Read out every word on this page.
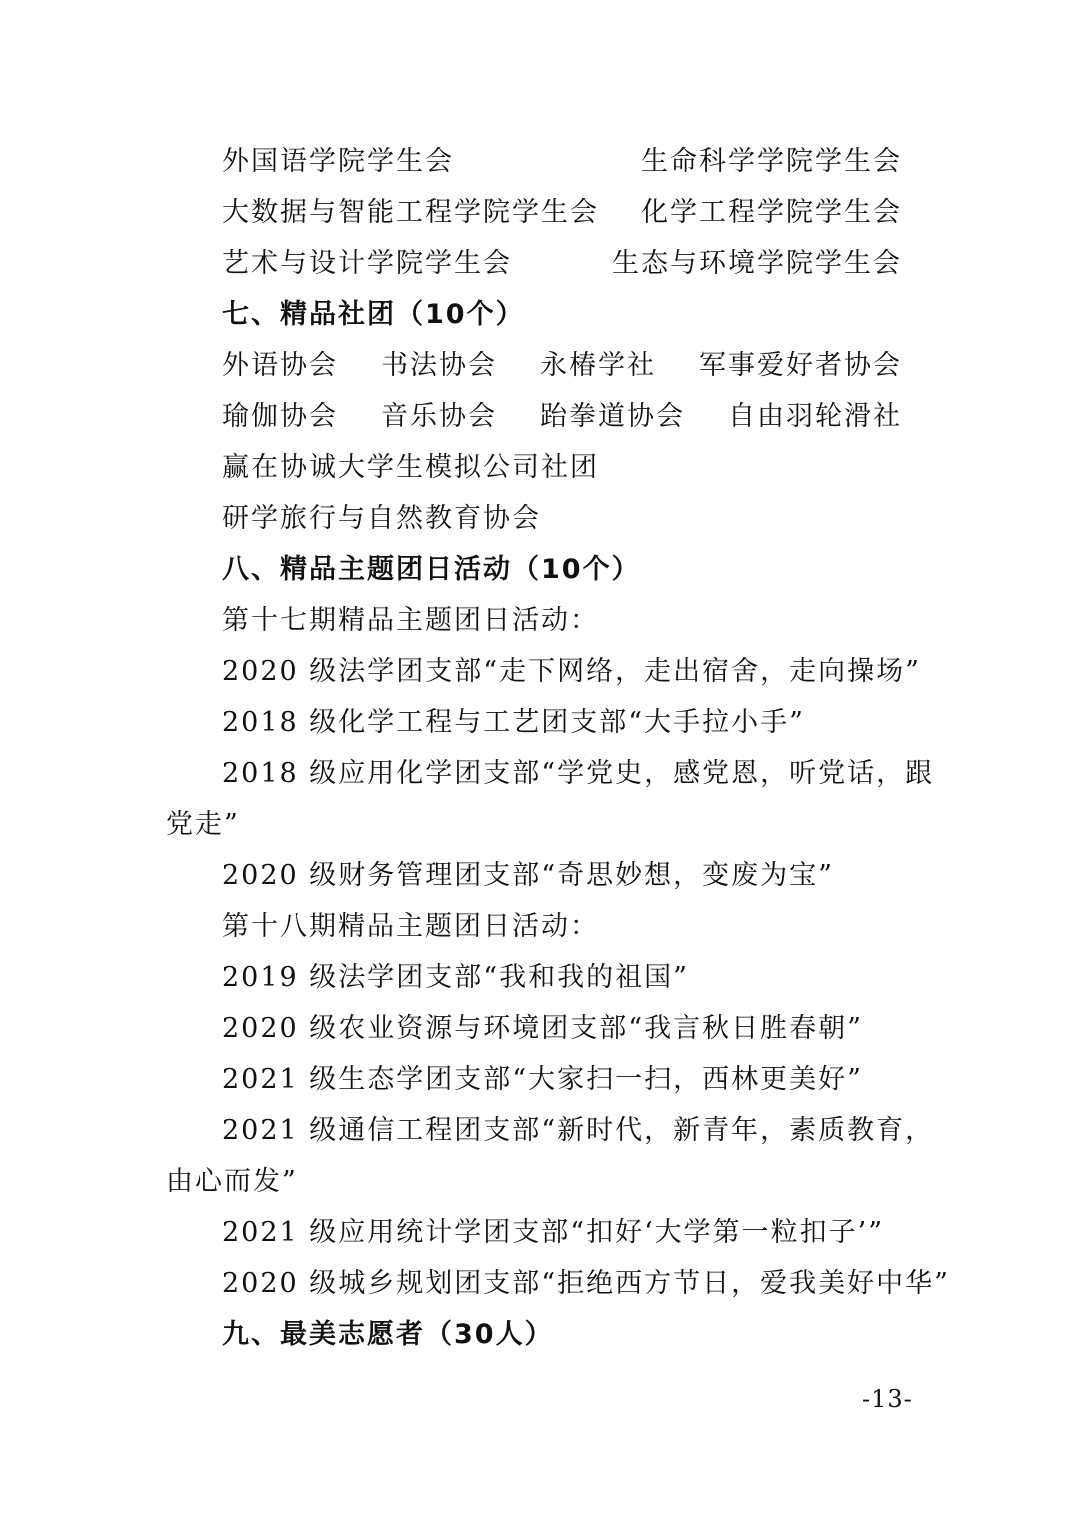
外国语学院学生会	生命科学学院学生会
大数据与智能工程学院学生会 化学工程学院学生会
艺术与设计学院学生会	生态与环境学院学生会
七、精品社团（10个）
外语协会 书法协会 永椿学社 军事爱好者协会
瑜伽协会 音乐协会 跆拳道协会 自由羽轮滑社
赢在协诚大学生模拟公司社团
研学旅行与自然教育协会
八、精品主题团日活动（10个）
第十七期精品主题团日活动：
2020 级法学团支部“走下网络，走出宿舍，走向操场”
2018 级化学工程与工艺团支部“大手拉小手”
2018 级应用化学团支部“学党史，感党恩，听党话，跟
党走”
2020 级财务管理团支部“奇思妙想，变废为宝”
第十八期精品主题团日活动：
2019 级法学团支部“我和我的祖国”
2020 级农业资源与环境团支部“我言秋日胜春朝”
2021 级生态学团支部“大家扫一扫，西林更美好”
2021 级通信工程团支部“新时代，新青年，素质教育，
由心而发”
2021 级应用统计学团支部“扣好‘大学第一粒扣子’”
2020 级城乡规划团支部“拒绝西方节日，爱我美好中华”
九、最美志愿者（30人）
-13-
